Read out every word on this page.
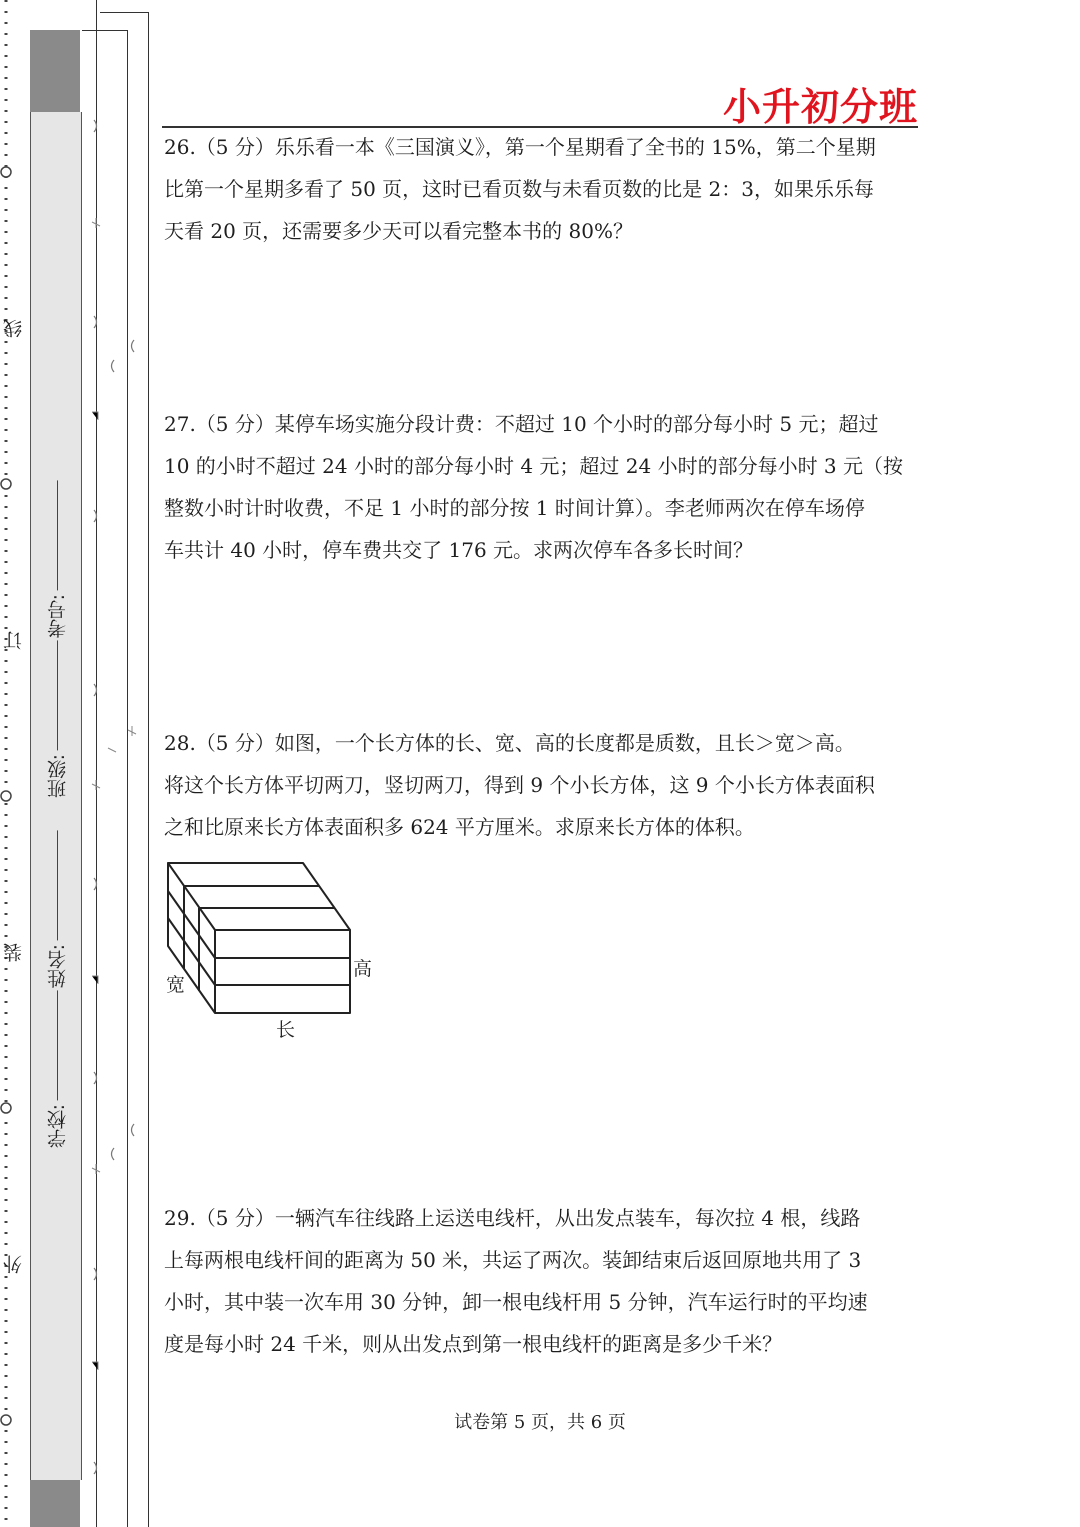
线
订
装
外
考号:
班级:
姓名:
学校:
小升初分班

26.（5 分）乐乐看一本《三国演义》，第一个星期看了全书的 15%，第二个星期

比第一个星期多看了 50 页，这时已看页数与未看页数的比是 2：3，如果乐乐每

天看 20 页，还需要多少天可以看完整本书的 80%？

27.（5 分）某停车场实施分段计费：不超过 10 个小时的部分每小时 5 元；超过

10 的小时不超过 24 小时的部分每小时 4 元；超过 24 小时的部分每小时 3 元（按

整数小时计时收费，不足 1 小时的部分按 1 时间计算）。李老师两次在停车场停

车共计 40 小时，停车费共交了 176 元。求两次停车各多长时间？

28.（5 分）如图，一个长方体的长、宽、高的长度都是质数，且长＞宽＞高。

将这个长方体平切两刀，竖切两刀，得到 9 个小长方体，这 9 个小长方体表面积

之和比原来长方体表面积多 624 平方厘米。求原来长方体的体积。

宽
高
长

29.（5 分）一辆汽车往线路上运送电线杆，从出发点装车，每次拉 4 根，线路

上每两根电线杆间的距离为 50 米，共运了两次。装卸结束后返回原地共用了 3

小时，其中装一次车用 30 分钟，卸一根电线杆用 5 分钟，汽车运行时的平均速

度是每小时 24 千米，则从出发点到第一根电线杆的距离是多少千米？

试卷第 5 页，共 6 页
